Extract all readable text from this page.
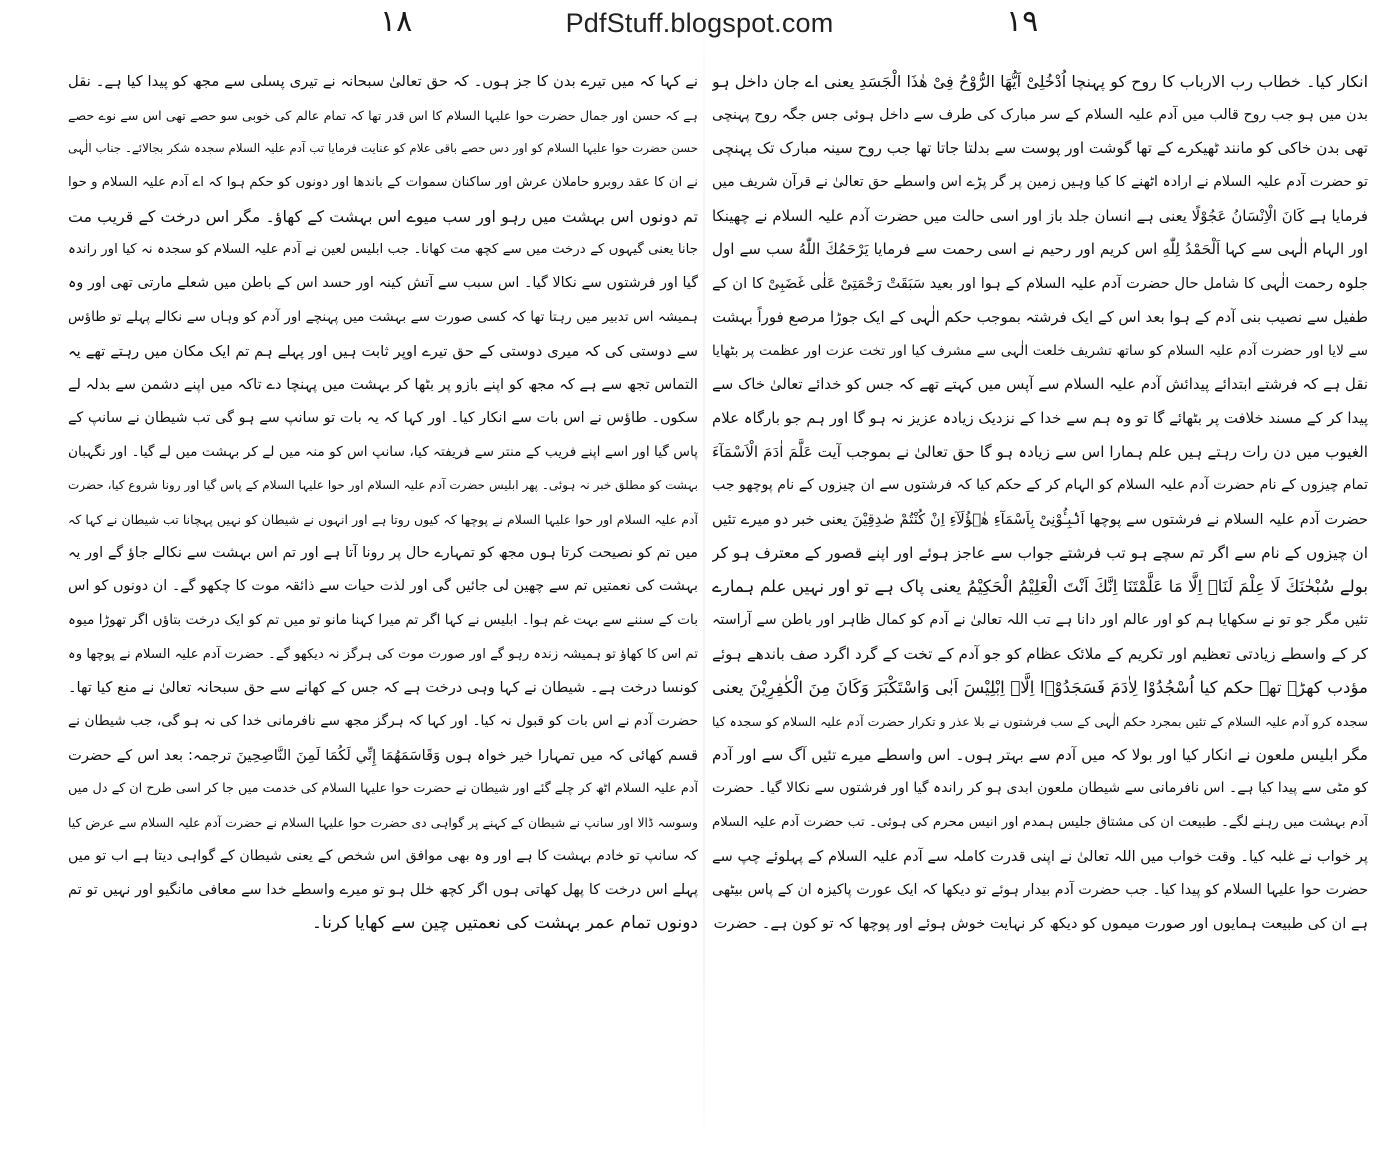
١٨	PdfStuff.blogspot.com	١٩
انکار کیا۔ خطاب رب الارباب کا روح کو پہنچا اُدْخُلِیْ اَیُّهَا الرُّوْحُ فِیْ هٰذَا الْجَسَدِ یعنی اے جان داخل ہو
بدن میں ہو جب روح قالب میں آدم علیہ السلام کے سر مبارک کی طرف سے داخل ہوئی جس جگہ روح پہنچی
تھی بدن خاکی کو مانند ٹھیکرے کے تھا گوشت اور پوست سے بدلتا جاتا تھا جب روح سینہ مبارک تک پہنچی
تو حضرت آدم علیہ السلام نے ارادہ اٹھنے کا کیا وہیں زمین پر گر پڑے اس واسطے حق تعالیٰ نے قرآن شریف میں
فرمایا ہے کَانَ الْاِنْسَانُ عَجُوْلًا یعنی ہے انسان جلد باز اور اسی حالت میں حضرت آدم علیہ السلام نے چھینکا
اور الہام الٰہی سے کہا اَلْحَمْدُ لِلّٰهِ اس کریم اور رحیم نے اسی رحمت سے فرمایا یَرْحَمُكَ اللّٰهُ سب سے اول
جلوہ رحمت الٰہی کا شامل حال حضرت آدم علیہ السلام کے ہوا اور بعید سَبَقَتْ رَحْمَتِیْ عَلٰی غَضَبِیْ کا ان کے
طفیل سے نصیب بنی آدم کے ہوا بعد اس کے ایک فرشتہ بموجب حکم الٰہی کے ایک جوڑا مرصع فوراً بہشت
سے لایا اور حضرت آدم علیہ السلام کو ساتھ تشریف خلعت الٰہی سے مشرف کیا اور تخت عزت اور عظمت پر بٹھایا
نقل ہے کہ فرشتے ابتدائے پیدائش آدم علیہ السلام سے آپس میں کہتے تھے کہ جس کو خدائے تعالیٰ خاک سے
پیدا کر کے مسند خلافت پر بٹھائے گا تو وہ ہم سے خدا کے نزدیک زیادہ عزیز نہ ہو گا اور ہم جو بارگاہ علام
الغیوب میں دن رات رہتے ہیں علم ہمارا اس سے زیادہ ہو گا حق تعالیٰ نے بموجب آیت عَلَّمَ اٰدَمَ الْاَسْمَآءَ
تمام چیزوں کے نام حضرت آدم علیہ السلام کو الہام کر کے حکم کیا کہ فرشتوں سے ان چیزوں کے نام پوچھو جب
حضرت آدم علیہ السلام نے فرشتوں سے پوچھا اَنْۢبِـُٔوْنِیْ بِاَسْمَآءِ هٰۤؤُلَآءِ اِنْ كُنْتُمْ صٰدِقِیْنَ یعنی خبر دو میرے تئیں
ان چیزوں کے نام سے اگر تم سچے ہو تب فرشتے جواب سے عاجز ہوئے اور اپنے قصور کے معترف ہو کر
بولے سُبْحٰنَكَ لَا عِلْمَ لَنَاۤ اِلَّا مَا عَلَّمْتَنَا اِنَّكَ اَنْتَ الْعَلِیْمُ الْحَكِیْمُ یعنی پاک ہے تو اور نہیں علم ہمارے
تئیں مگر جو تو نے سکھایا ہم کو اور عالم اور دانا ہے تب اللہ تعالیٰ نے آدم کو کمال ظاہر اور باطن سے آراستہ
کر کے واسطے زیادتی تعظیم اور تکریم کے ملائک عظام کو جو آدم کے تخت کے گرد اگرد صف باندھے ہوئے
مؤدب کھڑے تھے حکم کیا اُسْجُدُوْا لِاٰدَمَ فَسَجَدُوْۤا اِلَّاۤ اِبْلِیْسَ اَبٰی وَاسْتَكْبَرَ وَكَانَ مِنَ الْكٰفِرِیْنَ یعنی
سجدہ کرو آدم علیہ السلام کے تئیں بمجرد حکم الٰہی کے سب فرشتوں نے بلا عذر و تکرار حضرت آدم علیہ السلام کو سجدہ کیا
مگر ابلیس ملعون نے انکار کیا اور بولا کہ میں آدم سے بہتر ہوں۔ اس واسطے میرے تئیں آگ سے اور آدم
کو مٹی سے پیدا کیا ہے۔ اس نافرمانی سے شیطان ملعون ابدی ہو کر راندہ گیا اور فرشتوں سے نکالا گیا۔ حضرت
آدم بہشت میں رہنے لگے۔ طبیعت ان کی مشتاق جلیس ہمدم اور انیس محرم کی ہوئی۔ تب حضرت آدم علیہ السلام
پر خواب نے غلبہ کیا۔ وقت خواب میں اللہ تعالیٰ نے اپنی قدرت کاملہ سے آدم علیہ السلام کے پہلوئے چپ سے
حضرت حوا علیہا السلام کو پیدا کیا۔ جب حضرت آدم بیدار ہوئے تو دیکھا کہ ایک عورت پاکیزہ ان کے پاس بیٹھی
ہے ان کی طبیعت ہمایوں اور صورت میموں کو دیکھ کر نہایت خوش ہوئے اور پوچھا کہ تو کون ہے۔ حضرت
نے کہا کہ میں تیرے بدن کا جز ہوں۔ کہ حق تعالیٰ سبحانہ نے تیری پسلی سے مجھ کو پیدا کیا ہے۔ نقل
ہے کہ حسن اور جمال حضرت حوا علیہا السلام کا اس قدر تھا کہ تمام عالم کی خوبی سو حصے تھی اس سے نوے حصے
حسن حضرت حوا علیہا السلام کو اور دس حصے باقی علام کو عنایت فرمایا تب آدم علیہ السلام سجدہ شکر بجالائے۔ جناب الٰہی
نے ان کا عقد روبرو حاملان عرش اور ساکنان سموات کے باندھا اور دونوں کو حکم ہوا کہ اے آدم علیہ السلام و حوا
تم دونوں اس بہشت میں رہو اور سب میوے اس بہشت کے کھاؤ۔ مگر اس درخت کے قریب مت
جانا یعنی گیہوں کے درخت میں سے کچھ مت کھانا۔ جب ابلیس لعین نے آدم علیہ السلام کو سجدہ نہ کیا اور راندہ
گیا اور فرشتوں سے نکالا گیا۔ اس سبب سے آتش کینہ اور حسد اس کے باطن میں شعلے مارتی تھی اور وہ
ہمیشہ اس تدبیر میں رہتا تھا کہ کسی صورت سے بہشت میں پہنچے اور آدم کو وہاں سے نکالے پہلے تو طاؤس
سے دوستی کی کہ میری دوستی کے حق تیرے اوپر ثابت ہیں اور پہلے ہم تم ایک مکان میں رہتے تھے یہ
التماس تجھ سے ہے کہ مجھ کو اپنے بازو پر بٹھا کر بہشت میں پہنچا دے تاکہ میں اپنے دشمن سے بدلہ لے
سکوں۔ طاؤس نے اس بات سے انکار کیا۔ اور کہا کہ یہ بات تو سانپ سے ہو گی تب شیطان نے سانپ کے
پاس گیا اور اسے اپنے فریب کے منتر سے فریفتہ کیا، سانپ اس کو منہ میں لے کر بہشت میں لے گیا۔ اور نگہبان
بہشت کو مطلق خبر نہ ہوئی۔ پھر ابلیس حضرت آدم علیہ السلام اور حوا علیہا السلام کے پاس گیا اور رونا شروع کیا، حضرت
آدم علیہ السلام اور حوا علیہا السلام نے پوچھا کہ کیوں روتا ہے اور انہوں نے شیطان کو نہیں پہچانا تب شیطان نے کہا کہ
میں تم کو نصیحت کرتا ہوں مجھ کو تمہارے حال پر رونا آتا ہے اور تم اس بہشت سے نکالے جاؤ گے اور یہ
بہشت کی نعمتیں تم سے چھین لی جائیں گی اور لذت حیات سے ذائقہ موت کا چکھو گے۔ ان دونوں کو اس
بات کے سننے سے بہت غم ہوا۔ ابلیس نے کہا اگر تم میرا کہنا مانو تو میں تم کو ایک درخت بتاؤں اگر تھوڑا میوہ
تم اس کا کھاؤ تو ہمیشہ زندہ رہو گے اور صورت موت کی ہرگز نہ دیکھو گے۔ حضرت آدم علیہ السلام نے پوچھا وہ
کونسا درخت ہے۔ شیطان نے کہا وہی درخت ہے کہ جس کے کھانے سے حق سبحانہ تعالیٰ نے منع کیا تھا۔
حضرت آدم نے اس بات کو قبول نہ کیا۔ اور کہا کہ ہرگز مجھ سے نافرمانی خدا کی نہ ہو گی، جب شیطان نے
قسم کھائی کہ میں تمہارا خیر خواہ ہوں وَقَاسَمَهُمَا إِنِّي لَكُمَا لَمِنَ النَّاصِحِينَ ترجمہ: بعد اس کے حضرت
آدم علیہ السلام اٹھ کر چلے گئے اور شیطان نے حضرت حوا علیہا السلام کی خدمت میں جا کر اسی طرح ان کے دل میں
وسوسہ ڈالا اور سانپ نے شیطان کے کہنے پر گواہی دی حضرت حوا علیہا السلام نے حضرت آدم علیہ السلام سے عرض کیا
کہ سانپ تو خادم بہشت کا ہے اور وہ بھی موافق اس شخص کے یعنی شیطان کے گواہی دیتا ہے اب تو میں
پہلے اس درخت کا پھل کھاتی ہوں اگر کچھ خلل ہو تو میرے واسطے خدا سے معافی مانگیو اور نہیں تو تم
دونوں تمام عمر بہشت کی نعمتیں چین سے کھایا کرنا۔
